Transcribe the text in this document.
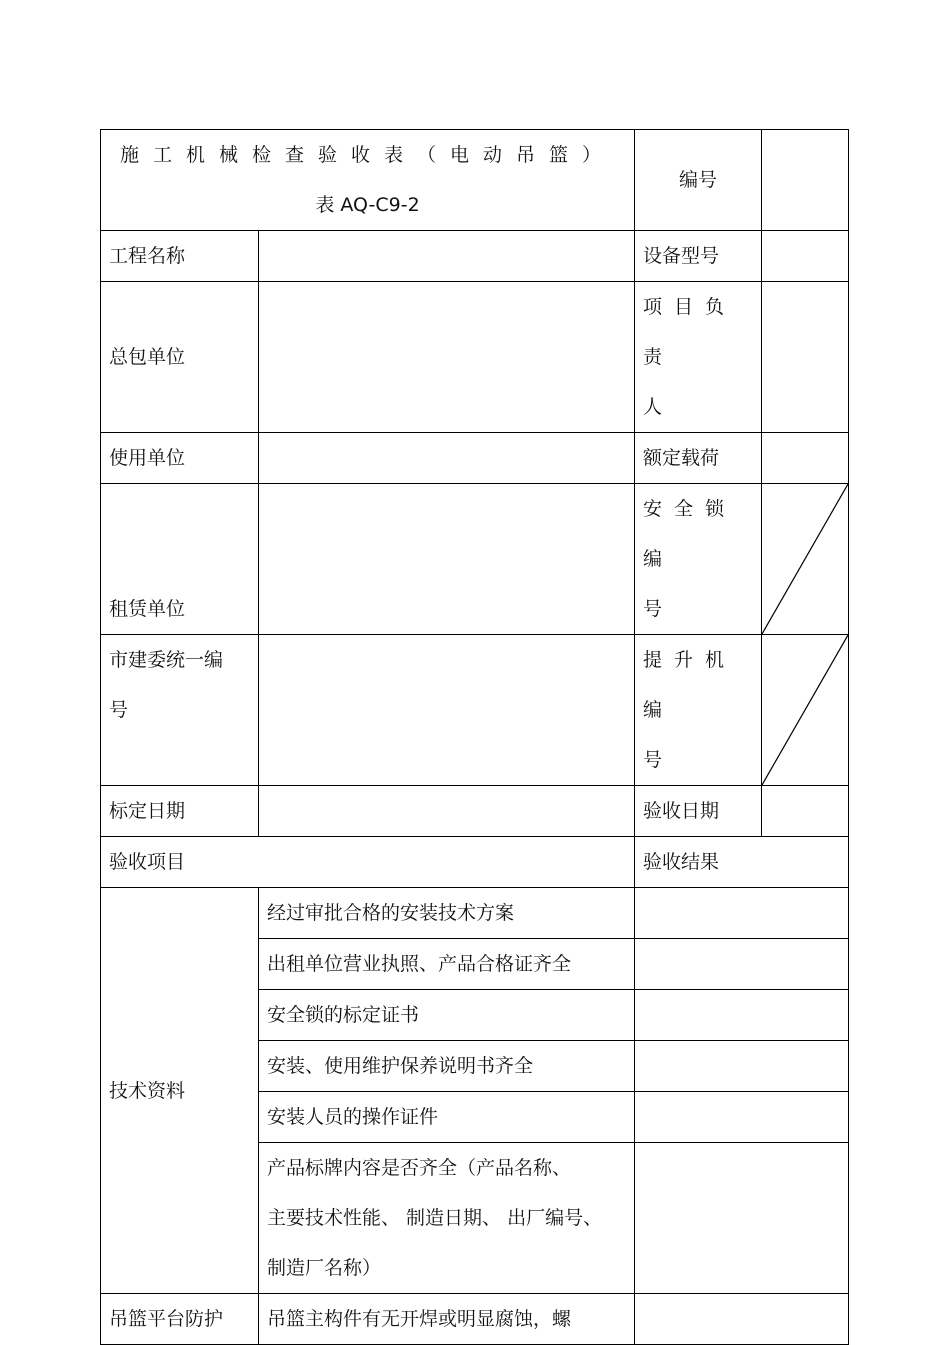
施工机械检查验收表（电动吊篮）
表 AQ-C9-2		编号	
工程名称		设备型号	
总包单位		项目负责
人	

使用单位		额定载荷	
租赁单位		安全锁编
号

市建委统一编
号		提升机编
号

标定日期		验收日期	
验收项目		验收结果	
技术资料	经过审批合格的安装技术方案		
	出租单位营业执照、产品合格证齐全		
	安全锁的标定证书		
	安装、使用维护保养说明书齐全		
	安装人员的操作证件		

	产品标牌内容是否齐全（产品名称、
主要技术性能、 制造日期、 出厂编号、
制造厂名称）		

吊篮平台防护	吊篮主构件有无开焊或明显腐蚀，螺		
